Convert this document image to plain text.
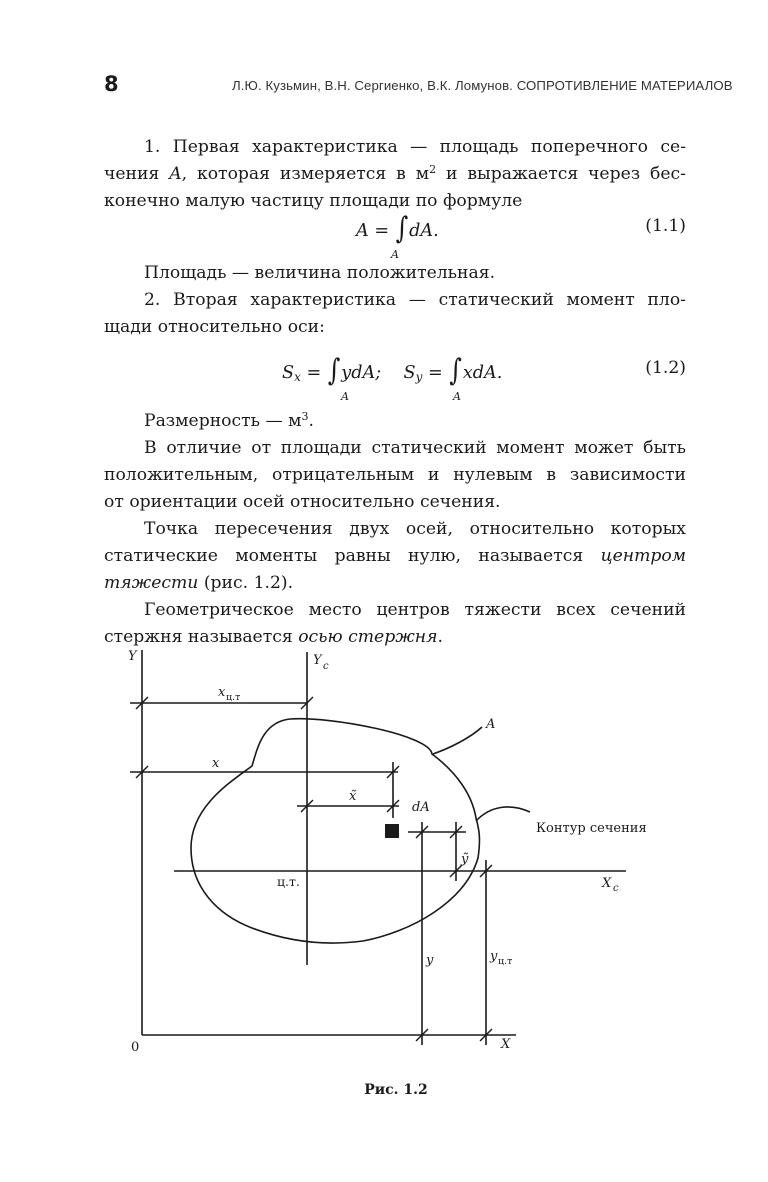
8	Л.Ю. Кузьмин, В.Н. Сергиенко, В.К. Ломунов. СОПРОТИВЛЕНИЕ МАТЕРИАЛОВ
1. Первая характеристика — площадь поперечного се-
чения A, которая измеряется в $м^2$ и выражается через бес-
конечно малую частицу площади по формуле
A = ∫dA.
A
(1.1)
Площадь — величина положительная.
2. Вторая характеристика — статический момент пло-
щади относительно оси:
$S_x = \int ydA$; $S_y = \int xdA$.
A	A
(1.2)
Размерность — $м^3$.
В отличие от площади статический момент может быть
положительным, отрицательным и нулевым в зависимости
от ориентации осей относительно сечения.
Точка пересечения двух осей, относительно которых
статические моменты равны нулю, называется центром
тяжести (рис. 1.2).
Геометрическое место центров тяжести всех сечений
стержня называется осью стержня.
Y	Y c
x ц.т
A
x
x̃
dA
Контур сечения
ỹ
ц.т.	X c
y	y ц.т
0	X
Рис. 1.2
